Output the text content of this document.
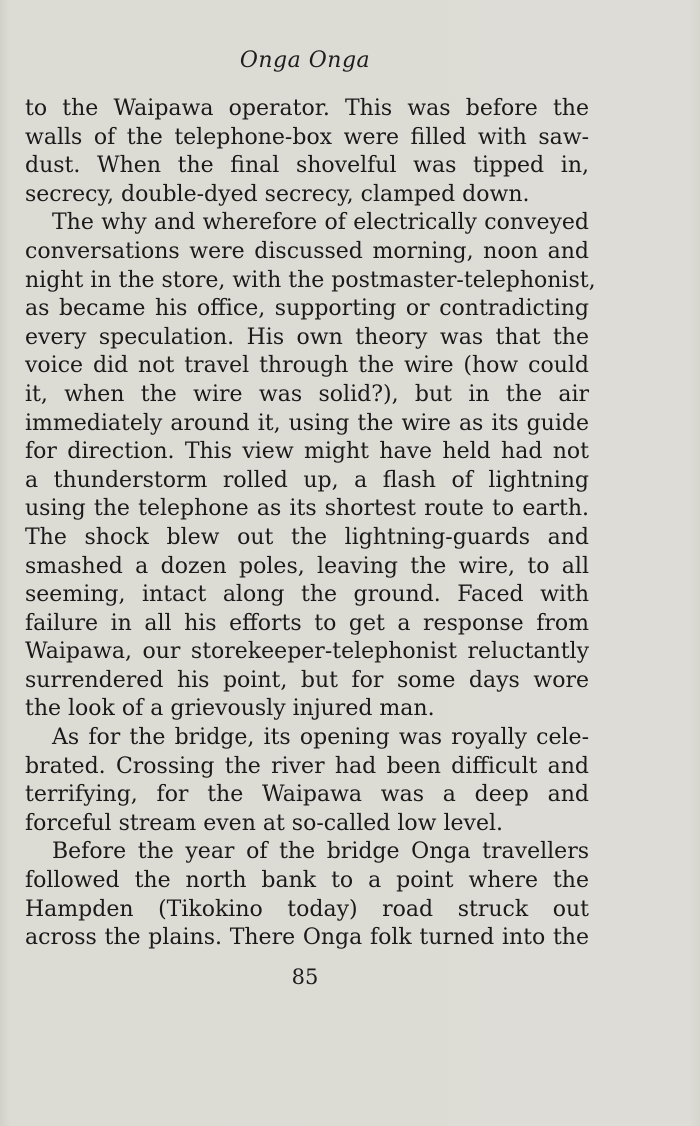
Onga Onga
to the Waipawa operator. This was before the
walls of the telephone-box were filled with saw-
dust. When the final shovelful was tipped in,
secrecy, double-dyed secrecy, clamped down.
The why and wherefore of electrically conveyed
conversations were discussed morning, noon and
night in the store, with the postmaster-telephonist,
as became his office, supporting or contradicting
every speculation. His own theory was that the
voice did not travel through the wire (how could
it, when the wire was solid?), but in the air
immediately around it, using the wire as its guide
for direction. This view might have held had not
a thunderstorm rolled up, a flash of lightning
using the telephone as its shortest route to earth.
The shock blew out the lightning-guards and
smashed a dozen poles, leaving the wire, to all
seeming, intact along the ground. Faced with
failure in all his efforts to get a response from
Waipawa, our storekeeper-telephonist reluctantly
surrendered his point, but for some days wore
the look of a grievously injured man.
As for the bridge, its opening was royally cele-
brated. Crossing the river had been difficult and
terrifying, for the Waipawa was a deep and
forceful stream even at so-called low level.
Before the year of the bridge Onga travellers
followed the north bank to a point where the
Hampden (Tikokino today) road struck out
across the plains. There Onga folk turned into the
85
